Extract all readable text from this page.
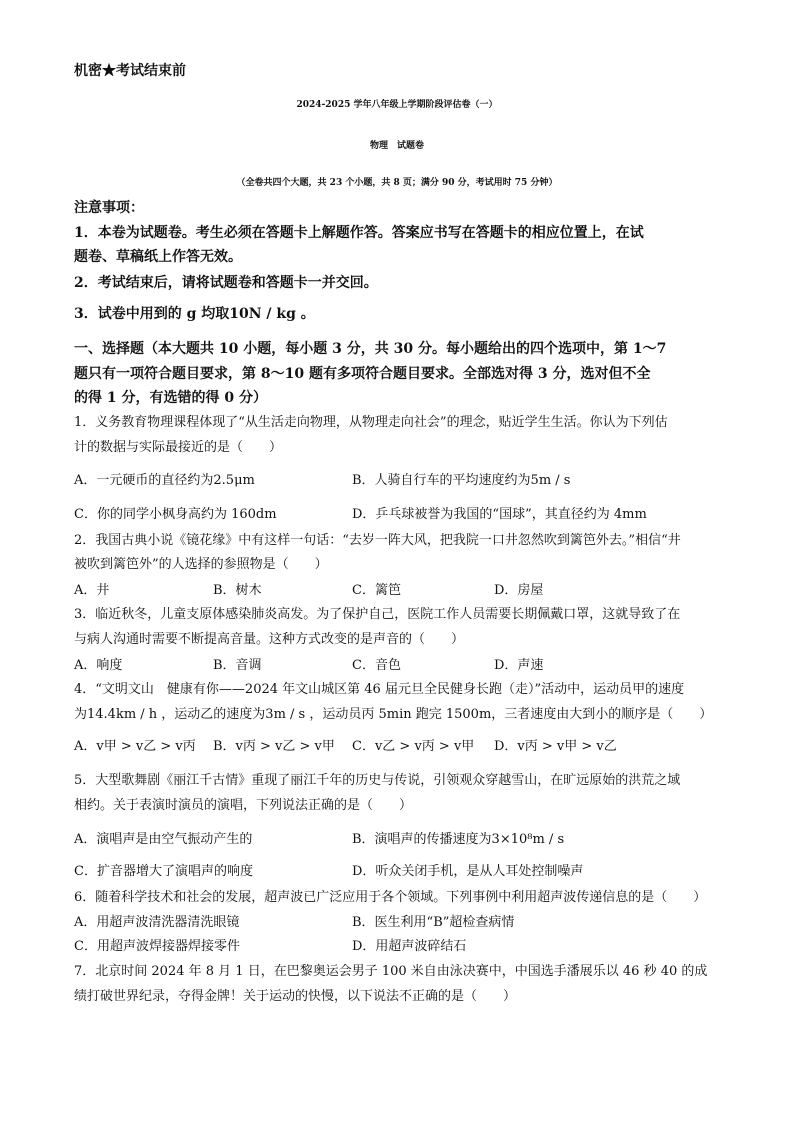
机密★考试结束前
2024-2025 学年八年级上学期阶段评估卷（一）
物理　试题卷
（全卷共四个大题，共 23 个小题，共 8 页；满分 90 分，考试用时 75 分钟）
注意事项：
1．本卷为试题卷。考生必须在答题卡上解题作答。答案应书写在答题卡的相应位置上，在试
题卷、草稿纸上作答无效。
2．考试结束后，请将试题卷和答题卡一并交回。
3．试卷中用到的 g 均取10N / kg 。
一、选择题（本大题共 10 小题，每小题 3 分，共 30 分。每小题给出的四个选项中，第 1～7
题只有一项符合题目要求，第 8～10 题有多项符合题目要求。全部选对得 3 分，选对但不全
的得 1 分，有选错的得 0 分）
1．义务教育物理课程体现了“从生活走向物理，从物理走向社会”的理念，贴近学生生活。你认为下列估
计的数据与实际最接近的是（　　）
A．一元硬币的直径约为2.5μm	B．人骑自行车的平均速度约为5m / s
C．你的同学小枫身高约为 160dm	D．乒乓球被誉为我国的“国球”，其直径约为 4mm
2．我国古典小说《镜花缘》中有这样一句话：“去岁一阵大风，把我院一口井忽然吹到篱笆外去。”相信“井
被吹到篱笆外”的人选择的参照物是（　　）
A．井	B．树木	C．篱笆	D．房屋
3．临近秋冬，儿童支原体感染肺炎高发。为了保护自己，医院工作人员需要长期佩戴口罩，这就导致了在
与病人沟通时需要不断提高音量。这种方式改变的是声音的（　　）
A．响度	B．音调	C．音色	D．声速
4．“文明文山　健康有你——2024 年文山城区第 46 届元旦全民健身长跑（走）”活动中，运动员甲的速度
为14.4km / h ，运动乙的速度为3m / s ，运动员丙 5min 跑完 1500m，三者速度由大到小的顺序是（　　）
A．v甲 > v乙 > v丙 B．v丙 > v乙 > v甲 C．v乙 > v丙 > v甲 D．v丙 > v甲 > v乙
5．大型歌舞剧《丽江千古情》重现了丽江千年的历史与传说，引领观众穿越雪山，在旷远原始的洪荒之域
相约。关于表演时演员的演唱，下列说法正确的是（　　）
A．演唱声是由空气振动产生的	B．演唱声的传播速度为3×10⁸m / s
C．扩音器增大了演唱声的响度	D．听众关闭手机，是从人耳处控制噪声
6．随着科学技术和社会的发展，超声波已广泛应用于各个领域。下列事例中利用超声波传递信息的是（　　）
A．用超声波清洗器清洗眼镜	B．医生利用“B”超检查病情
C．用超声波焊接器焊接零件	D．用超声波碎结石
7．北京时间 2024 年 8 月 1 日，在巴黎奥运会男子 100 米自由泳决赛中，中国选手潘展乐以 46 秒 40 的成
绩打破世界纪录，夺得金牌！关于运动的快慢，以下说法不正确的是（　　）
